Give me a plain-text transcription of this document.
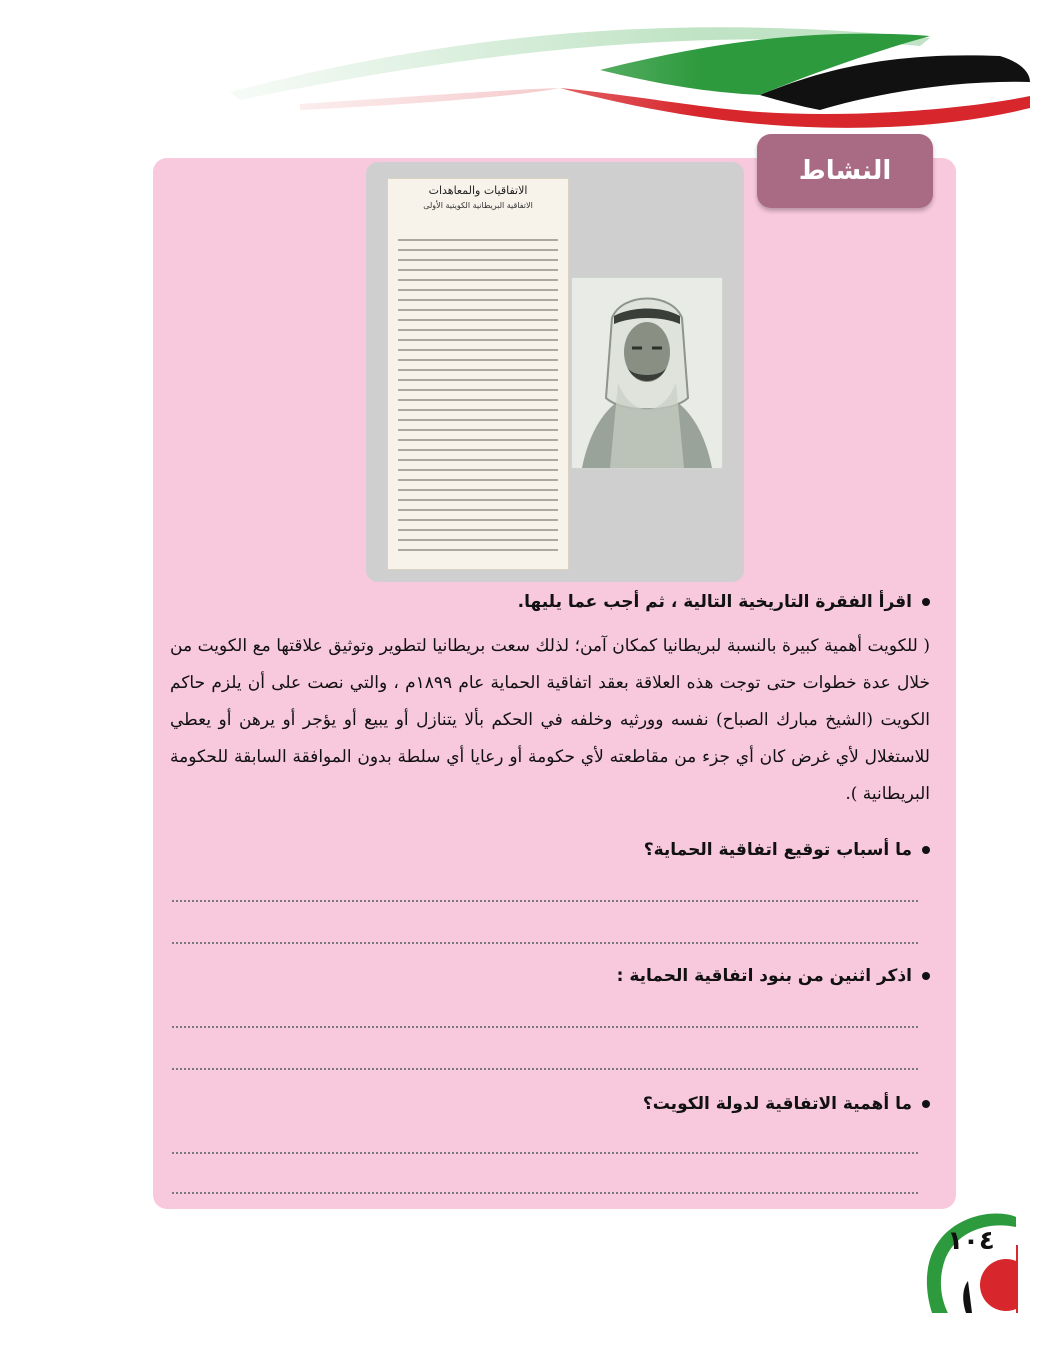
النشاط
الاتفاقيات والمعاهدات
الاتفاقية البريطانية الكويتية الأولى
اقرأ الفقرة التاريخية التالية ، ثم أجب عما يليها.
( للكويت أهمية كبيرة بالنسبة لبريطانيا كمكان آمن؛ لذلك سعت بريطانيا لتطوير وتوثيق علاقتها مع الكويت من خلال عدة خطوات حتى توجت هذه العلاقة بعقد اتفاقية الحماية عام ١٨٩٩م ، والتي نصت على أن يلزم حاكم الكويت (الشيخ مبارك الصباح) نفسه وورثيه وخلفه في الحكم بألا يتنازل أو يبيع أو يؤجر أو يرهن أو يعطي للاستغلال لأي غرض كان أي جزء من مقاطعته لأي حكومة أو رعايا أي سلطة بدون الموافقة السابقة للحكومة البريطانية ).
ما أسباب توقيع اتفاقية الحماية؟
اذكر اثنين من بنود اتفاقية الحماية :
ما أهمية الاتفاقية لدولة الكويت؟
١٠٤
